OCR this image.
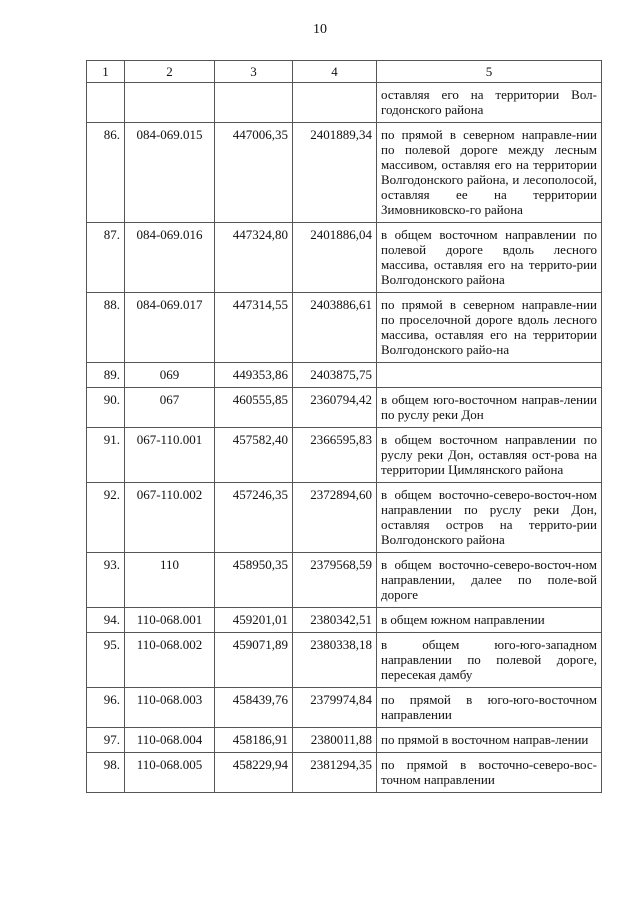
10
1	2	3	4	5
				оставляя его на территории Вол-годонского района
86.	084-069.015	447006,35	2401889,34	по прямой в северном направле-нии по полевой дороге между лесным массивом, оставляя его на территории Волгодонского района, и лесополосой, оставляя ее на территории Зимовниковско-го района
87.	084-069.016	447324,80	2401886,04	в общем восточном направлении по полевой дороге вдоль лесного массива, оставляя его на террито-рии Волгодонского района
88.	084-069.017	447314,55	2403886,61	по прямой в северном направле-нии по проселочной дороге вдоль лесного массива, оставляя его на территории Волгодонского райо-на
89.	069	449353,86	2403875,75	
90.	067	460555,85	2360794,42	в общем юго-восточном направ-лении по руслу реки Дон
91.	067-110.001	457582,40	2366595,83	в общем восточном направлении по руслу реки Дон, оставляя ост-рова на территории Цимлянского района
92.	067-110.002	457246,35	2372894,60	в общем восточно-северо-восточ-ном направлении по руслу реки Дон, оставляя остров на террито-рии Волгодонского района
93.	110	458950,35	2379568,59	в общем восточно-северо-восточ-ном направлении, далее по поле-вой дороге
94.	110-068.001	459201,01	2380342,51	в общем южном направлении
95.	110-068.002	459071,89	2380338,18	в общем юго-юго-западном направлении по полевой дороге, пересекая дамбу
96.	110-068.003	458439,76	2379974,84	по прямой в юго-юго-восточном направлении
97.	110-068.004	458186,91	2380011,88	по прямой в восточном направ-лении
98.	110-068.005	458229,94	2381294,35	по прямой в восточно-северо-вос-точном направлении
